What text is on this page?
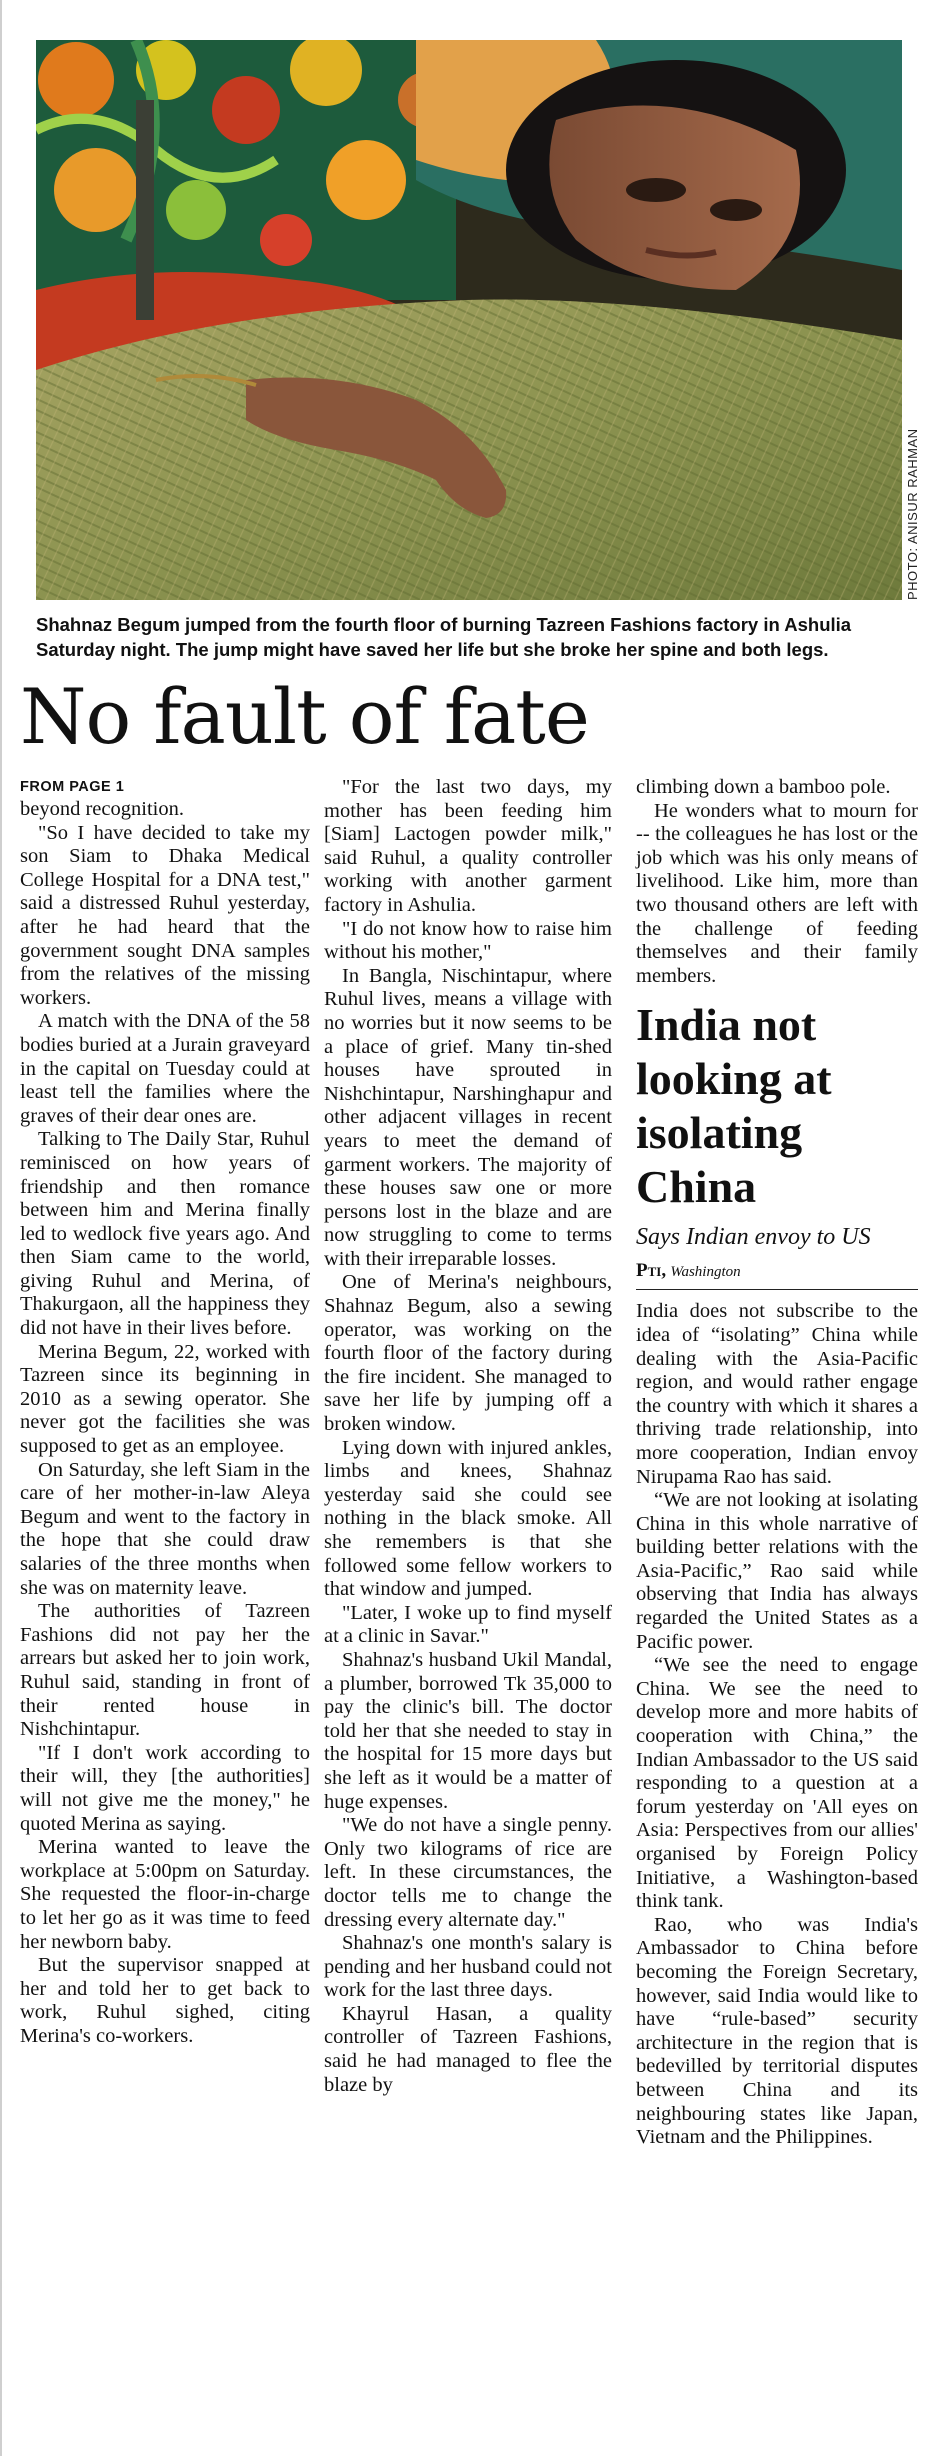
PHOTO: ANISUR RAHMAN
Shahnaz Begum jumped from the fourth floor of burning Tazreen Fashions factory in Ashulia Saturday night. The jump might have saved her life but she broke her spine and both legs.
No fault of fate
FROM PAGE 1

beyond recognition.

"So I have decided to take my son Siam to Dhaka Medical College Hospital for a DNA test," said a distressed Ruhul yesterday, after he had heard that the government sought DNA samples from the relatives of the missing workers.

A match with the DNA of the 58 bodies buried at a Jurain graveyard in the capital on Tuesday could at least tell the families where the graves of their dear ones are.

Talking to The Daily Star, Ruhul reminisced on how years of friendship and then romance between him and Merina finally led to wedlock five years ago. And then Siam came to the world, giving Ruhul and Merina, of Thakurgaon, all the happiness they did not have in their lives before.

Merina Begum, 22, worked with Tazreen since its beginning in 2010 as a sewing operator. She never got the facilities she was supposed to get as an employee.

On Saturday, she left Siam in the care of her mother-in-law Aleya Begum and went to the factory in the hope that she could draw salaries of the three months when she was on maternity leave.

The authorities of Tazreen Fashions did not pay her the arrears but asked her to join work, Ruhul said, standing in front of their rented house in Nishchintapur.

"If I don't work according to their will, they [the authorities] will not give me the money," he quoted Merina as saying.

Merina wanted to leave the workplace at 5:00pm on Saturday. She requested the floor-in-charge to let her go as it was time to feed her newborn baby.

But the supervisor snapped at her and told her to get back to work, Ruhul sighed, citing Merina's co-workers.

"For the last two days, my mother has been feeding him [Siam] Lactogen powder milk," said Ruhul, a quality controller working with another garment factory in Ashulia.

"I do not know how to raise him without his mother,"

In Bangla, Nischintapur, where Ruhul lives, means a village with no worries but it now seems to be a place of grief. Many tin-shed houses have sprouted in Nishchintapur, Narshinghapur and other adjacent villages in recent years to meet the demand of garment workers. The majority of these houses saw one or more persons lost in the blaze and are now struggling to come to terms with their irreparable losses.

One of Merina's neighbours, Shahnaz Begum, also a sewing operator, was working on the fourth floor of the factory during the fire incident. She managed to save her life by jumping off a broken window.

Lying down with injured ankles, limbs and knees, Shahnaz yesterday said she could see nothing in the black smoke. All she remembers is that she followed some fellow workers to that window and jumped.

"Later, I woke up to find myself at a clinic in Savar."

Shahnaz's husband Ukil Mandal, a plumber, borrowed Tk 35,000 to pay the clinic's bill. The doctor told her that she needed to stay in the hospital for 15 more days but she left as it would be a matter of huge expenses.

"We do not have a single penny. Only two kilograms of rice are left. In these circumstances, the doctor tells me to change the dressing every alternate day."

Shahnaz's one month's salary is pending and her husband could not work for the last three days.

Khayrul Hasan, a quality controller of Tazreen Fashions, said he had managed to flee the blaze by

climbing down a bamboo pole.

He wonders what to mourn for -- the colleagues he has lost or the job which was his only means of livelihood. Like him, more than two thousand others are left with the challenge of feeding themselves and their family members.

India not looking at isolating China
Says Indian envoy to US
Pti, Washington

India does not subscribe to the idea of “isolating” China while dealing with the Asia-Pacific region, and would rather engage the country with which it shares a thriving trade relationship, into more cooperation, Indian envoy Nirupama Rao has said.

“We are not looking at isolating China in this whole narrative of building better relations with the Asia-Pacific,” Rao said while observing that India has always regarded the United States as a Pacific power.

“We see the need to engage China. We see the need to develop more and more habits of cooperation with China,” the Indian Ambassador to the US said responding to a question at a forum yesterday on 'All eyes on Asia: Perspectives from our allies' organised by Foreign Policy Initiative, a Washington-based think tank.

Rao, who was India's Ambassador to China before becoming the Foreign Secretary, however, said India would like to have “rule-based” security architecture in the region that is bedevilled by territorial disputes between China and its neighbouring states like Japan, Vietnam and the Philippines.
